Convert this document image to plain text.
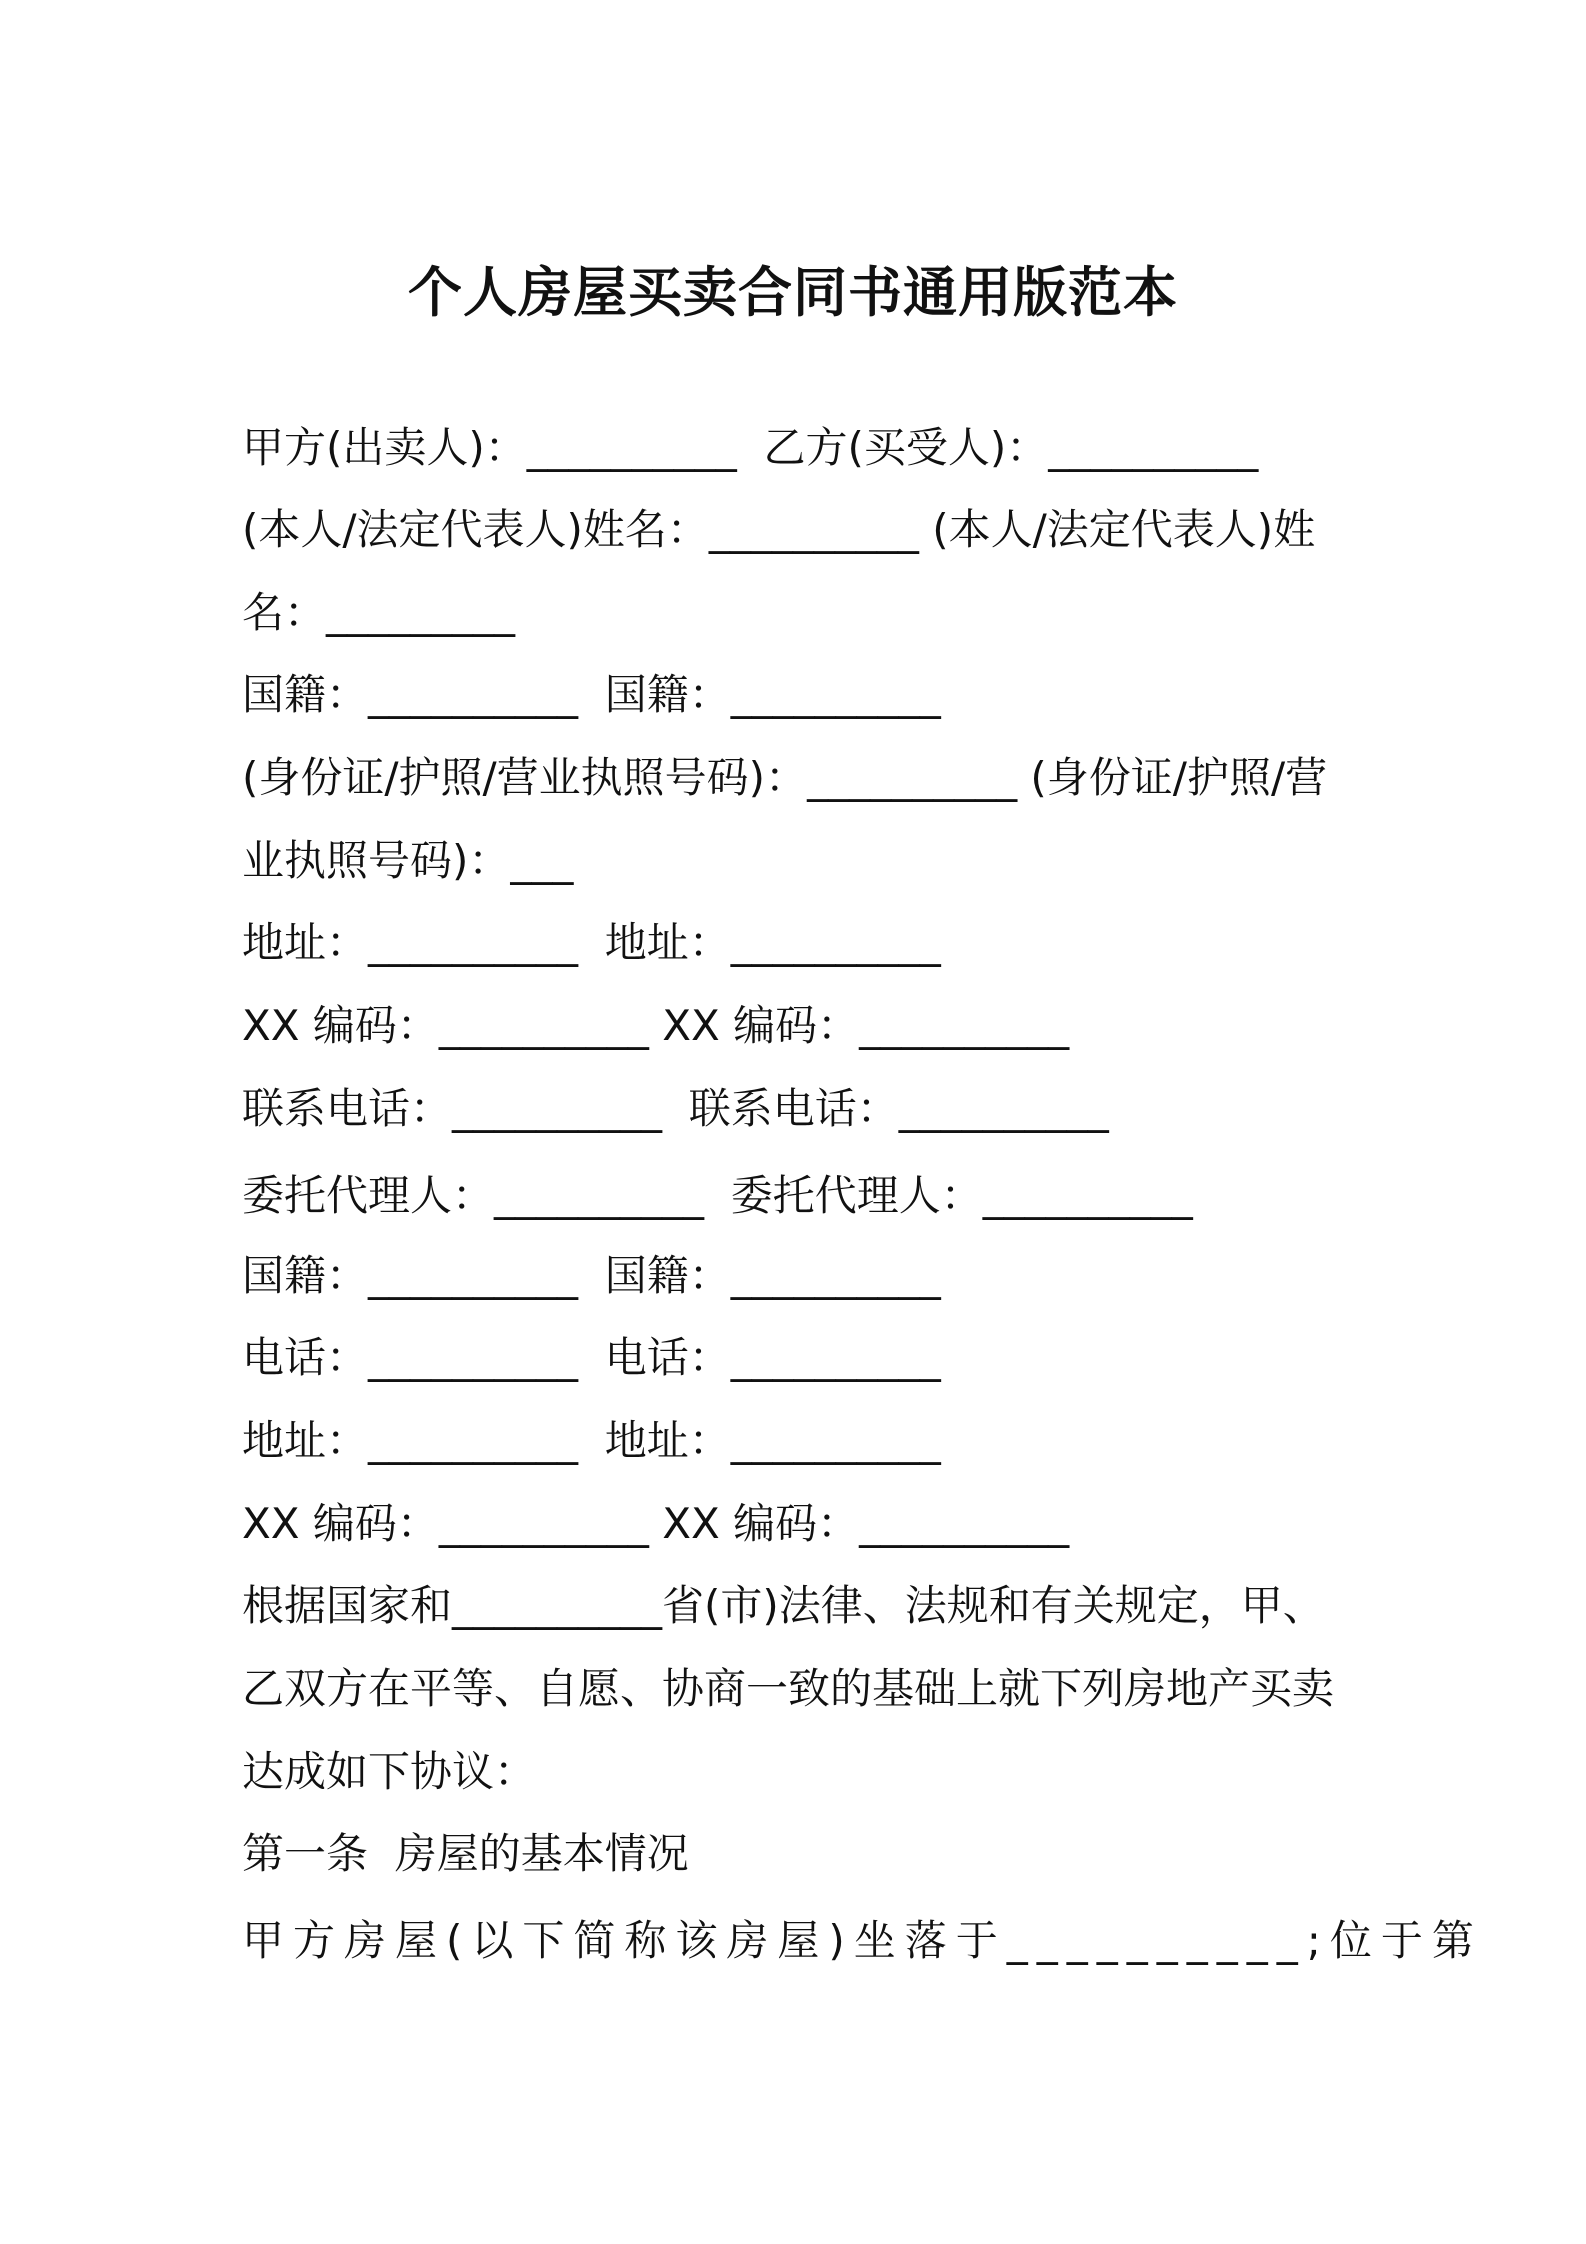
个人房屋买卖合同书通用版范本
甲方(出卖人)：__________  乙方(买受人)：__________
(本人/法定代表人)姓名：__________ (本人/法定代表人)姓
名：_________
国籍：__________  国籍：__________
(身份证/护照/营业执照号码)：__________ (身份证/护照/营
业执照号码)：___
地址：__________  地址：__________
XX 编码：__________ XX 编码：__________
联系电话：__________  联系电话：__________
委托代理人：__________  委托代理人：__________
国籍：__________  国籍：__________
电话：__________  电话：__________
地址：__________  地址：__________
XX 编码：__________ XX 编码：__________
根据国家和__________省(市)法律、法规和有关规定，甲、
乙双方在平等、自愿、协商一致的基础上就下列房地产买卖
达成如下协议：
第一条  房屋的基本情况
甲方房屋(以下简称该房屋)坐落于__________;位于第
